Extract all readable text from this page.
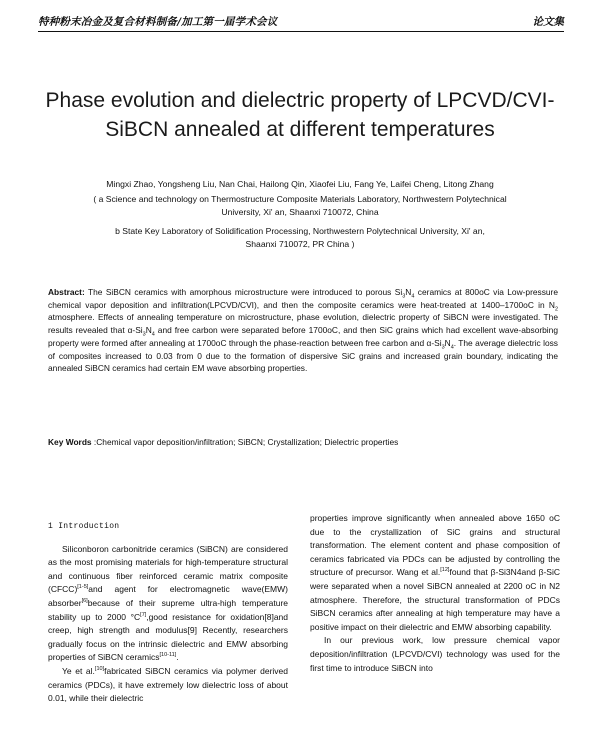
特种粉末冶金及复合材料制备/加工第一届学术会议	论文集
Phase evolution and dielectric property of LPCVD/CVI-
SiBCN annealed at different temperatures
Mingxi Zhao, Yongsheng Liu, Nan Chai, Hailong Qin, Xiaofei Liu, Fang Ye, Laifei Cheng, Litong Zhang
( a Science and technology on Thermostructure Composite Materials Laboratory, Northwestern Polytechnical
University, Xi' an, Shaanxi 710072, China
b State Key Laboratory of Solidification Processing, Northwestern Polytechnical University, Xi' an,
Shaanxi 710072, PR China )
Abstract: The SiBCN ceramics with amorphous microstructure were introduced to porous $Si_3N_4$ ceramics at 800oC via Low-pressure chemical vapor deposition and infiltration(LPCVD/CVI), and then the composite ceramics were heat-treated at 1400–1700oC in $N_2$ atmosphere. Effects of annealing temperature on microstructure, phase evolution, dielectric property of SiBCN were investigated. The results revealed that $\alpha-Si_3N_4$ and free carbon were separated before 1700oC, and then SiC grains which had excellent wave-absorbing property were formed after annealing at 1700oC through the phase-reaction between free carbon and $\alpha-Si_3N_4$. The average dielectric loss of composites increased to 0.03 from 0 due to the formation of dispersive SiC grains and increased grain boundary, indicating the annealed SiBCN ceramics had certain EM wave absorbing properties.
Key Words :Chemical vapor deposition/infiltration; SiBCN; Crystallization; Dielectric properties
1 Introduction

Siliconboron carbonitride ceramics (SiBCN) are considered as the most promising materials for high-temperature structural and continuous fiber reinforced ceramic matrix composite (CFCC)[1-5]and agent for electromagnetic wave(EMW) absorber[6]because of their supreme ultra-high temperature stability up to 2000 °C[7],good resistance for oxidation[8]and creep, high strength and modulus[9] Recently, researchers gradually focus on the intrinsic dielectric and EMW absorbing properties of SiBCN ceramics[10-11].

Ye et al.[10]fabricated SiBCN ceramics via polymer derived ceramics (PDCs), it have extremely low dielectric loss of about 0.01, while their dielectric

properties improve significantly when annealed above 1650 oC due to the crystallization of SiC grains and structural transformation. The element content and phase composition of ceramics fabricated via PDCs can be adjusted by controlling the structure of precursor. Wang et al.[12]found that β-Si3N4and β-SiC were separated when a novel SiBCN annealed at 2200 oC in N2 atmosphere. Therefore, the structural transformation of PDCs SiBCN ceramics after annealing at high temperature may have a positive impact on their dielectric and EMW absorbing capability.

In our previous work, low pressure chemical vapor deposition/infiltration (LPCVD/CVI) technology was used for the first time to introduce SiBCN into
